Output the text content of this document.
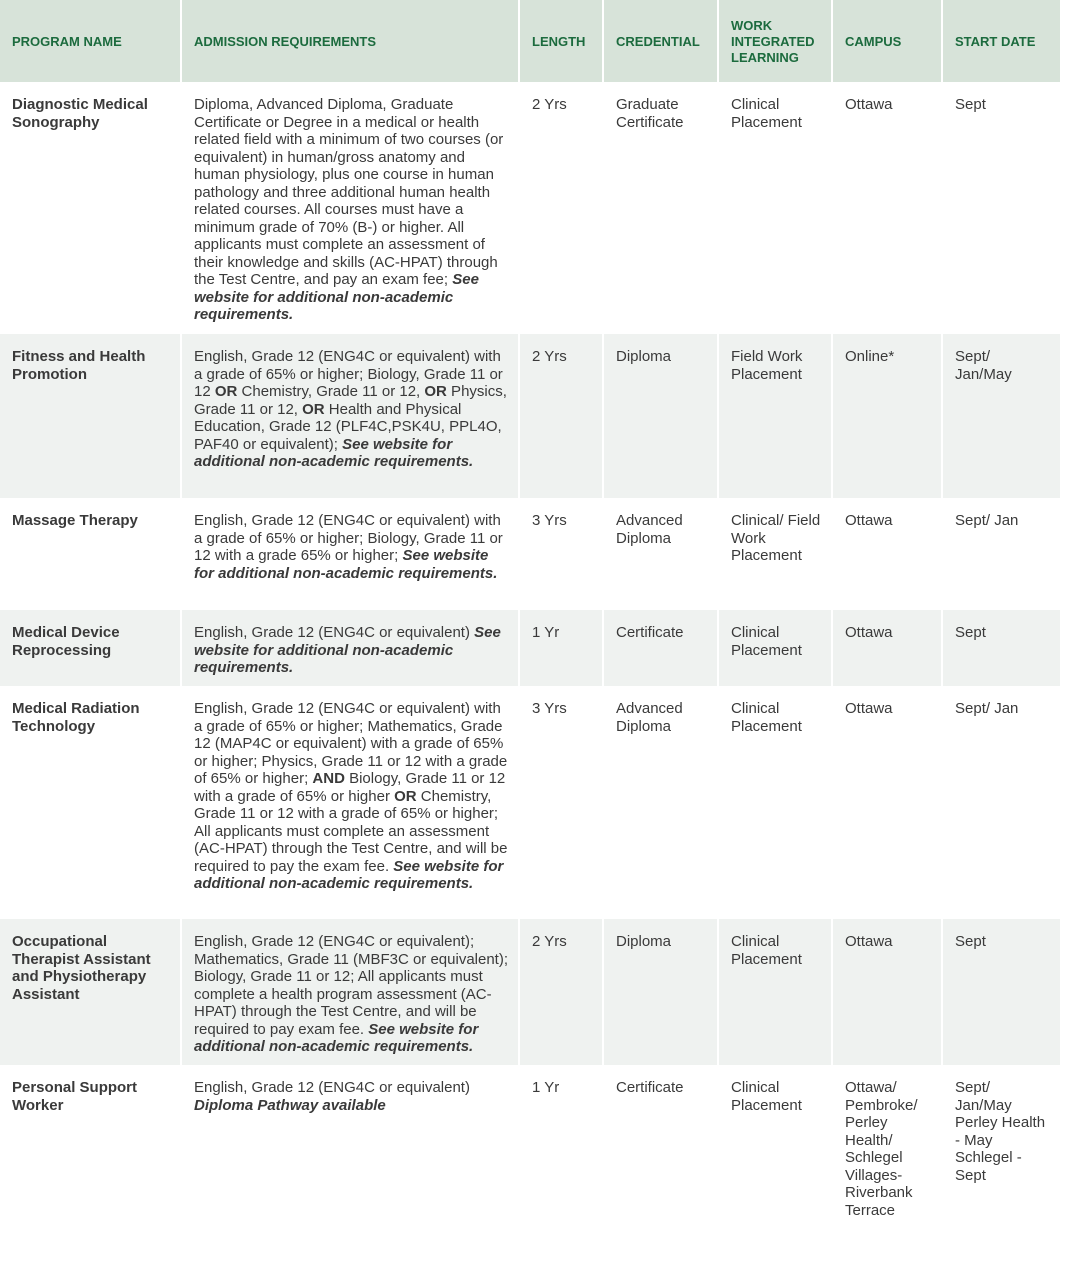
PROGRAM NAME	ADMISSION REQUIREMENTS	LENGTH	CREDENTIAL	WORK INTEGRATED LEARNING	CAMPUS	START DATE
Diagnostic Medical Sonography	Diploma, Advanced Diploma, Graduate Certificate or Degree in a medical or health related field with a minimum of two courses (or equivalent) in human/gross anatomy and human physiology, plus one course in human pathology and three additional human health related courses. All courses must have a minimum grade of 70% (B-) or higher. All applicants must complete an assessment of their knowledge and skills (AC-HPAT) through the Test Centre, and pay an exam fee; See website for additional non-academic requirements.	2 Yrs	Graduate Certificate	Clinical Placement	Ottawa	Sept
Fitness and Health Promotion	English, Grade 12 (ENG4C or equivalent) with a grade of 65% or higher; Biology, Grade 11 or 12 OR Chemistry, Grade 11 or 12, OR Physics, Grade 11 or 12, OR Health and Physical Education, Grade 12 (PLF4C,PSK4U, PPL4O, PAF40 or equivalent); See website for additional non-academic requirements.	2 Yrs	Diploma	Field Work Placement	Online*	Sept/ Jan/May
Massage Therapy	English, Grade 12 (ENG4C or equivalent) with a grade of 65% or higher; Biology, Grade 11 or 12 with a grade 65% or higher; See website for additional non-academic requirements.	3 Yrs	Advanced Diploma	Clinical/ Field Work Placement	Ottawa	Sept/ Jan
Medical Device Reprocessing	English, Grade 12 (ENG4C or equivalent) See website for additional non-academic requirements.	1 Yr	Certificate	Clinical Placement	Ottawa	Sept
Medical Radiation Technology	English, Grade 12 (ENG4C or equivalent) with a grade of 65% or higher; Mathematics, Grade 12 (MAP4C or equivalent) with a grade of 65% or higher; Physics, Grade 11 or 12 with a grade of 65% or higher; AND Biology, Grade 11 or 12 with a grade of 65% or higher OR Chemistry, Grade 11 or 12 with a grade of 65% or higher; All applicants must complete an assessment (AC-HPAT) through the Test Centre, and will be required to pay the exam fee. See website for additional non-academic requirements.	3 Yrs	Advanced Diploma	Clinical Placement	Ottawa	Sept/ Jan
Occupational Therapist Assistant and Physiotherapy Assistant	English, Grade 12 (ENG4C or equivalent); Mathematics, Grade 11 (MBF3C or equivalent); Biology, Grade 11 or 12; All applicants must complete a health program assessment (AC-HPAT) through the Test Centre, and will be required to pay exam fee. See website for additional non-academic requirements.	2 Yrs	Diploma	Clinical Placement	Ottawa	Sept
Personal Support Worker	English, Grade 12 (ENG4C or equivalent) Diploma Pathway available	1 Yr	Certificate	Clinical Placement	Ottawa/ Pembroke/ Perley Health/ Schlegel Villages- Riverbank Terrace	Sept/ Jan/May Perley Health - May Schlegel - Sept
